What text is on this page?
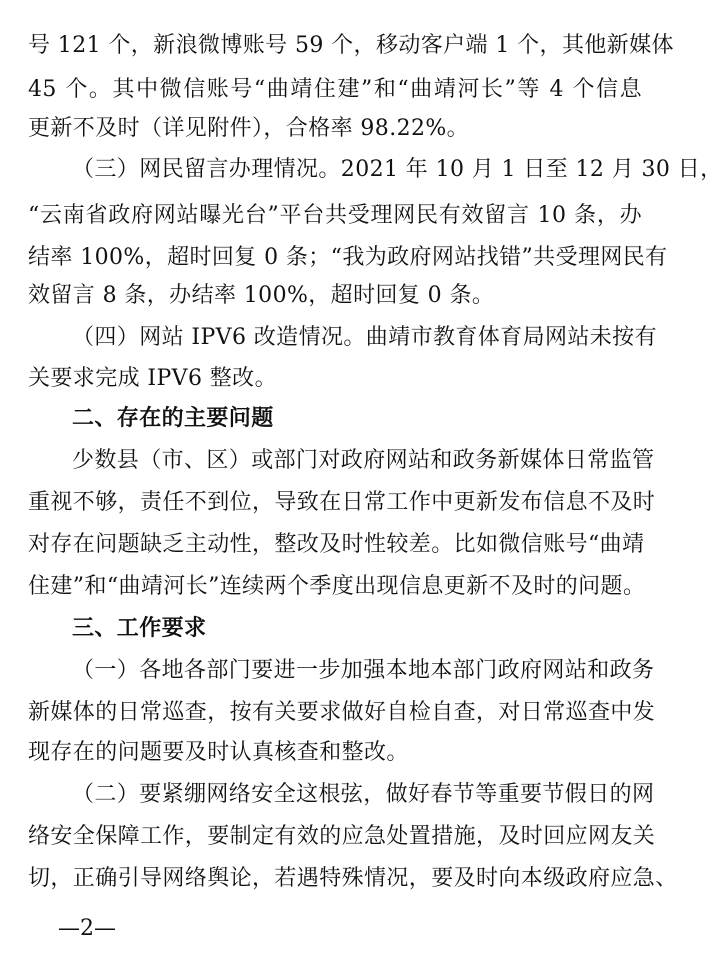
号 121 个，新浪微博账号 59 个，移动客户端 1 个，其他新媒体
45 个。其中微信账号“曲靖住建”和“曲靖河长”等 4 个信息
更新不及时（详见附件），合格率 98.22%。
（三）网民留言办理情况。2021 年 10 月 1 日至 12 月 30 日，
“云南省政府网站曝光台”平台共受理网民有效留言 10 条，办
结率 100%，超时回复 0 条；“我为政府网站找错”共受理网民有
效留言 8 条，办结率 100%，超时回复 0 条。
（四）网站 IPV6 改造情况。曲靖市教育体育局网站未按有
关要求完成 IPV6 整改。
二、存在的主要问题
少数县（市、区）或部门对政府网站和政务新媒体日常监管
重视不够，责任不到位，导致在日常工作中更新发布信息不及时
对存在问题缺乏主动性，整改及时性较差。比如微信账号“曲靖
住建”和“曲靖河长”连续两个季度出现信息更新不及时的问题。
三、工作要求
（一）各地各部门要进一步加强本地本部门政府网站和政务
新媒体的日常巡查，按有关要求做好自检自查，对日常巡查中发
现存在的问题要及时认真核查和整改。
（二）要紧绷网络安全这根弦，做好春节等重要节假日的网
络安全保障工作，要制定有效的应急处置措施，及时回应网友关
切，正确引导网络舆论，若遇特殊情况，要及时向本级政府应急、
—2—
